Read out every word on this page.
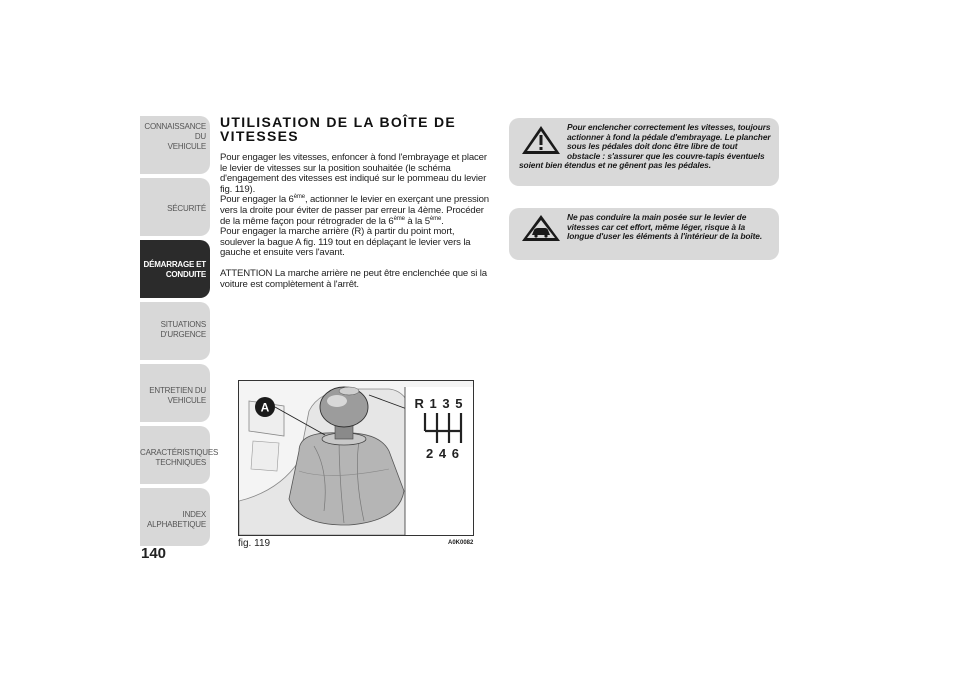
CONNAISSANCE DU
VEHICULE
SÉCURITÉ
DÉMARRAGE ET
CONDUITE
SITUATIONS
D'URGENCE
ENTRETIEN DU
VEHICULE
CARACTÉRISTIQUES
TECHNIQUES
INDEX
ALPHABETIQUE
140
UTILISATION DE LA BOÎTE DE VITESSES

Pour engager les vitesses, enfoncer à fond l'embrayage et placer le levier de vitesses sur la position souhaitée (le schéma d'engagement des vitesses est indiqué sur le pommeau du levier fig. 119).

Pour engager la 6ème, actionner le levier en exerçant une pression vers la droite pour éviter de passer par erreur la 4ème. Procéder de la même façon pour rétrograder de la 6ème à la 5ème.

Pour engager la marche arrière (R) à partir du point mort, soulever la bague A fig. 119 tout en déplaçant le levier vers la gauche et ensuite vers l'avant.

ATTENTION La marche arrière ne peut être enclenchée que si la voiture est complètement à l'arrêt.

A	R 1 3 5
2 4 6
fig. 119	A0K0082
Pour enclencher correctement les vitesses, toujours actionner à fond la pédale d'embrayage. Le plancher sous les pédales doit donc être libre de tout obstacle : s'assurer que les couvre-tapis éventuels soient bien étendus et ne gênent pas les pédales.
Ne pas conduire la main posée sur le levier de vitesses car cet effort, même léger, risque à la longue d'user les éléments à l'intérieur de la boîte.
